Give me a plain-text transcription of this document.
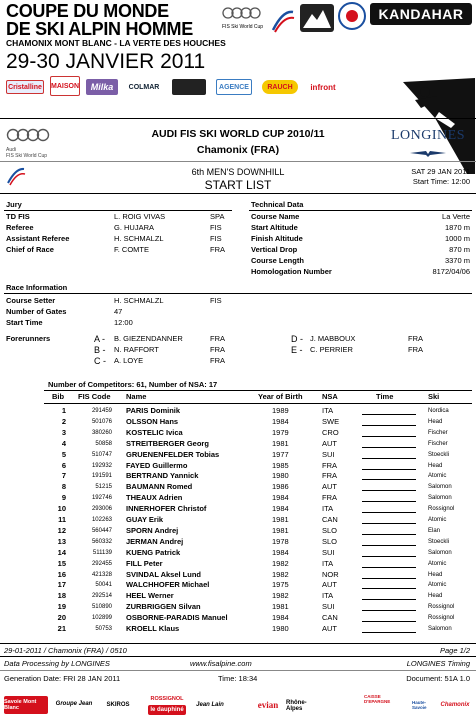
COUPE DU MONDE
DE SKI ALPIN HOMME
CHAMONIX MONT BLANC - LA VERTE DES HOUCHES
29-30 JANVIER 2011
FIS Ski World Cup
KANDAHAR
Cristalline MAISON	Milka	COLMAR	AGENCE	RAUCH	infront
Audi
FIS Ski World Cup
AUDI FIS SKI WORLD CUP 2010/11
Chamonix (FRA)
LONGINES
6th MEN'S DOWNHILL
START LIST
SAT 29 JAN 2011
Start Time: 12:00
Jury
TD FIS	L. ROIG VIVAS	SPA
Referee	G. HUJARA	FIS
Assistant Referee	H. SCHMALZL	FIS
Chief of Race	F. COMTE	FRA
Technical Data
Course Name	La Verte
Start Altitude	1870 m
Finish Altitude	1000 m
Vertical Drop	870 m
Course Length	3370 m
Homologation Number	8172/04/06
Race Information
Course Setter	H. SCHMALZL	FIS
Number of Gates	47
Start Time	12:00
Forerunners	A - B. GIEZENDANNER	FRA
B - N. RAFFORT	FRA
C - A. LOYE	FRA
D - J. MABBOUX	FRA
E - C. PERRIER	FRA
Number of Competitors: 61, Number of NSA: 17
Bib FIS Code Name	Year of Birth	NSA	Time	Ski
1	291459 PARIS Dominik	1989	ITA	Nordica
2	501076 OLSSON Hans	1984	SWE	Head
3	380260 KOSTELIC Ivica	1979	CRO	Fischer
4	50858 STREITBERGER Georg	1981	AUT	Fischer
5	510747 GRUENENFELDER Tobias	1977	SUI	Stoeckli
6	192932 FAYED Guillermo	1985	FRA	Head
7	191591 BERTRAND Yannick	1980	FRA	Atomic
8	51215 BAUMANN Romed	1986	AUT	Salomon
9	192746 THEAUX Adrien	1984	FRA	Salomon
10	293006 INNERHOFER Christof	1984	ITA	Rossignol
11	102263 GUAY Erik	1981	CAN	Atomic
12	560447 SPORN Andrej	1981	SLO	Elan
13	560332 JERMAN Andrej	1978	SLO	Stoeckli
14	511139 KUENG Patrick	1984	SUI	Salomon
15	292455 FILL Peter	1982	ITA	Atomic
16	421328 SVINDAL Aksel Lund	1982	NOR	Head
17	50041 WALCHHOFER Michael	1975	AUT	Atomic
18	292514 HEEL Werner	1982	ITA	Head
19	510890 ZURBRIGGEN Silvan	1981	SUI	Rossignol
20	102899 OSBORNE-PARADIS Manuel	1984	CAN	Rossignol
21	50753 KROELL Klaus	1980	AUT	Salomon
29-01-2011 / Chamonix (FRA) / 0510	Page 1/2
Data Processing by LONGINES	www.fisalpine.com	LONGINES Timing
Generation Date: FRI 28 JAN 2011	Time: 18:34	Document: 51A 1.0
Savoie Mont Blanc
Groupe Jean	SKIROS
ROSSIGNOL
le dauphiné
Jean Lain	evian	Rhône-Alpes
CAISSE D'EPARGNE	Haute-Savoie	Chamonix
